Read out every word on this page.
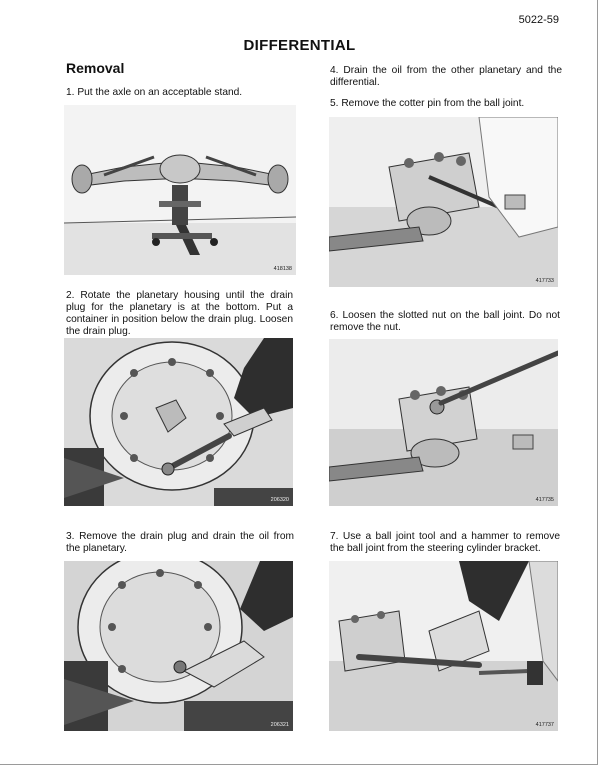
5022-59
DIFFERENTIAL
Removal
1. Put the axle on an acceptable stand.
418138
2. Rotate the planetary housing until the drain plug for the planetary is at the bottom. Put a container in position below the drain plug. Loosen the drain plug.
206320
3. Remove the drain plug and drain the oil from the planetary.
206321
4. Drain the oil from the other planetary and the differential.
5. Remove the cotter pin from the ball joint.
417733
6. Loosen the slotted nut on the ball joint. Do not remove the nut.
417735
7. Use a ball joint tool and a hammer to remove the ball joint from the steering cylinder bracket.
417737
